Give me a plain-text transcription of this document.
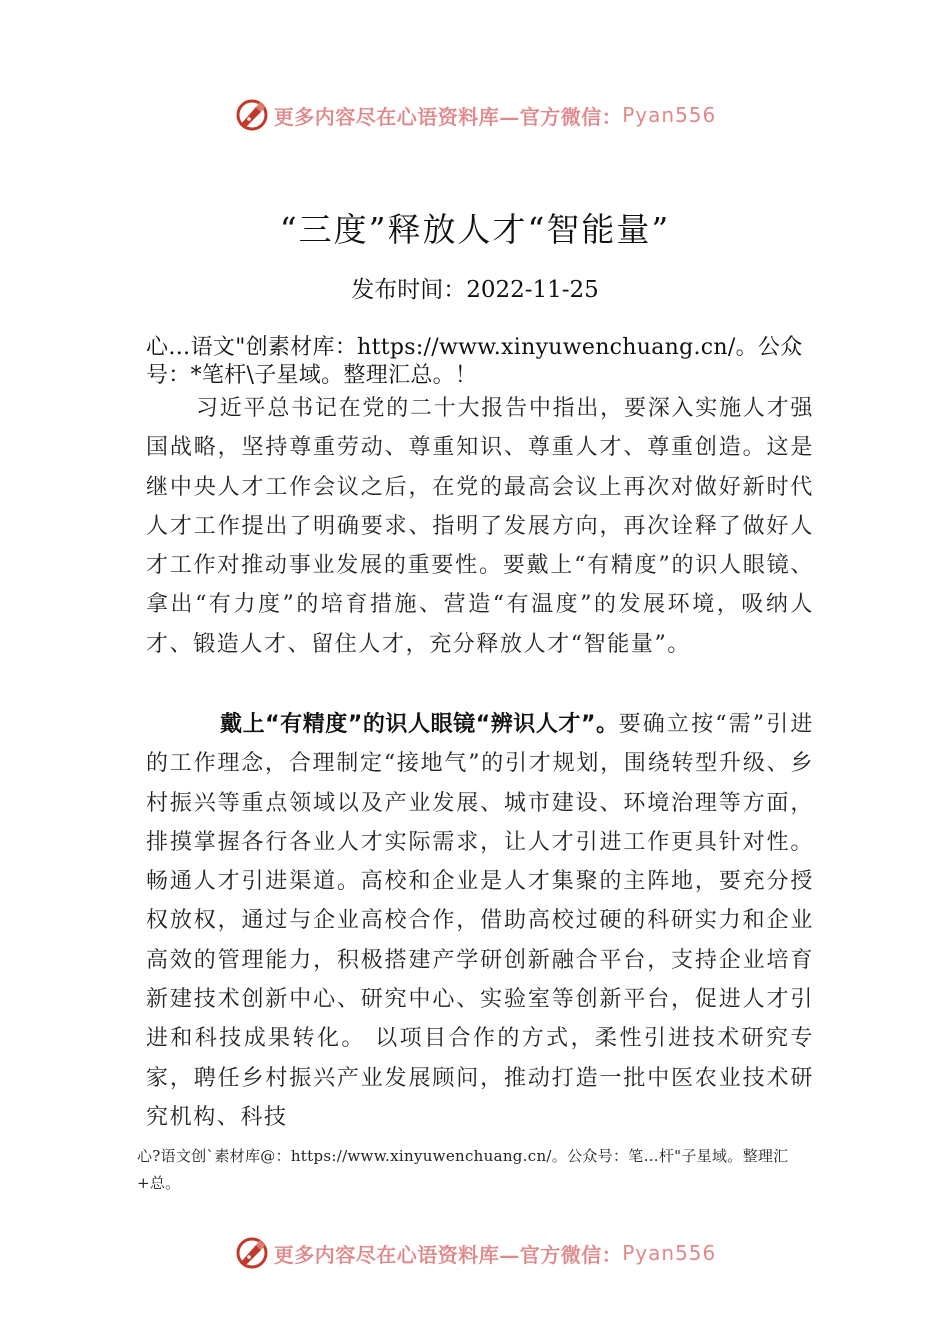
更多内容尽在心语资料库—官方微信： Pyan556
“三度”释放人才“智能量”
发布时间：2022-11-25
心…语文"创素材库：https://www.xinyuwenchuang.cn/。公众号：*笔杆\子星域。整理汇总。！
习近平总书记在党的二十大报告中指出，要深入实施人才强国战略，坚持尊重劳动、尊重知识、尊重人才、尊重创造。这是继中央人才工作会议之后，在党的最高会议上再次对做好新时代人才工作提出了明确要求、指明了发展方向，再次诠释了做好人才工作对推动事业发展的重要性。要戴上“有精度”的识人眼镜、拿出“有力度”的培育措施、营造“有温度”的发展环境，吸纳人才、锻造人才、留住人才，充分释放人才“智能量”。
戴上“有精度”的识人眼镜“辨识人才”。要确立按“需”引进的工作理念，合理制定“接地气”的引才规划，围绕转型升级、乡村振兴等重点领域以及产业发展、城市建设、环境治理等方面，排摸掌握各行各业人才实际需求，让人才引进工作更具针对性。畅通人才引进渠道。高校和企业是人才集聚的主阵地，要充分授权放权，通过与企业高校合作，借助高校过硬的科研实力和企业高效的管理能力，积极搭建产学研创新融合平台，支持企业培育新建技术创新中心、研究中心、实验室等创新平台，促进人才引进和科技成果转化。 以项目合作的方式，柔性引进技术研究专家，聘任乡村振兴产业发展顾问，推动打造一批中医农业技术研究机构、科技
心?语文创`素材库@：https://www.xinyuwenchuang.cn/。公众号：笔…杆"子星域。整理汇+总。
更多内容尽在心语资料库—官方微信： Pyan556
